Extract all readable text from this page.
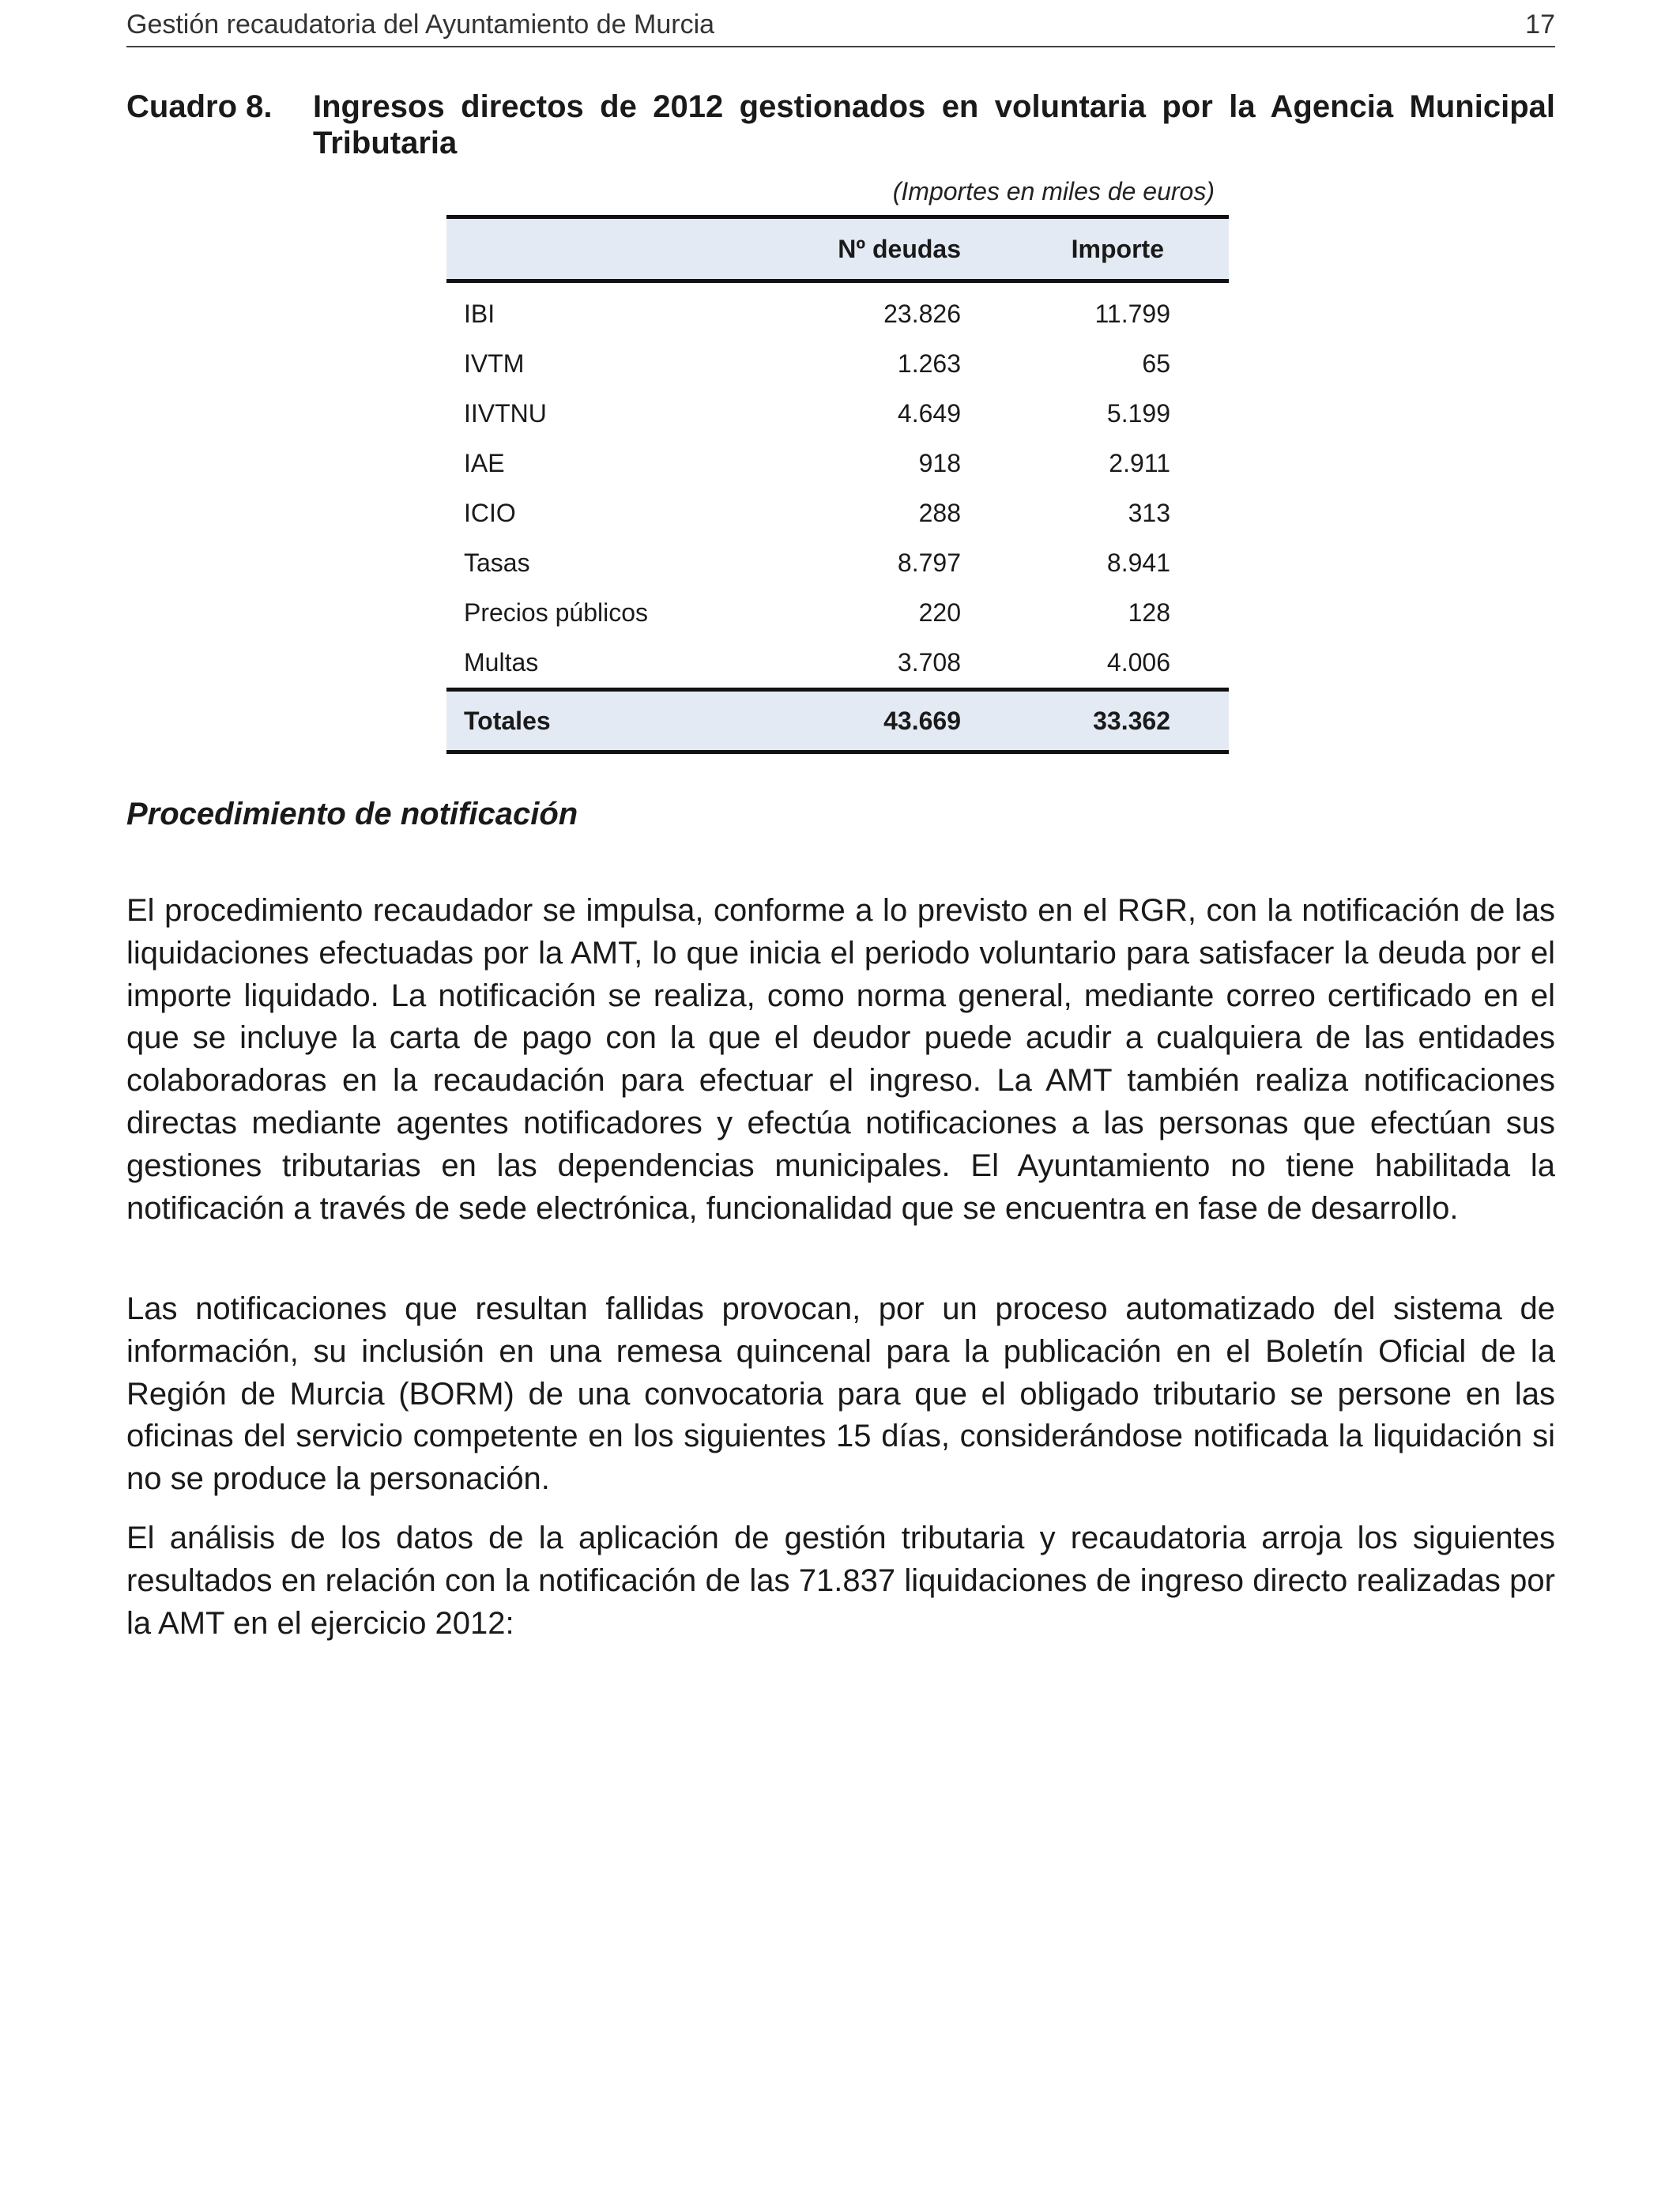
Gestión recaudatoria del Ayuntamiento de Murcia	17
Cuadro 8. Ingresos directos de 2012 gestionados en voluntaria por la Agencia Municipal Tributaria
(Importes en miles de euros)
	Nº deudas	Importe
IBI	23.826	11.799
IVTM	1.263	65
IIVTNU	4.649	5.199
IAE	918	2.911
ICIO	288	313
Tasas	8.797	8.941
Precios públicos	220	128
Multas	3.708	4.006
Totales	43.669	33.362
Procedimiento de notificación

El procedimiento recaudador se impulsa, conforme a lo previsto en el RGR, con la notificación de las liquidaciones efectuadas por la AMT, lo que inicia el periodo voluntario para satisfacer la deuda por el importe liquidado. La notificación se realiza, como norma general, mediante correo certificado en el que se incluye la carta de pago con la que el deudor puede acudir a cualquiera de las entidades colaboradoras en la recaudación para efectuar el ingreso. La AMT también realiza notificaciones directas mediante agentes notificadores y efectúa notificaciones a las personas que efectúan sus gestiones tributarias en las dependencias municipales. El Ayuntamiento no tiene habilitada la notificación a través de sede electrónica, funcionalidad que se encuentra en fase de desarrollo.

Las notificaciones que resultan fallidas provocan, por un proceso automatizado del sistema de información, su inclusión en una remesa quincenal para la publicación en el Boletín Oficial de la Región de Murcia (BORM) de una convocatoria para que el obligado tributario se persone en las oficinas del servicio competente en los siguientes 15 días, considerándose notificada la liquidación si no se produce la personación.

El análisis de los datos de la aplicación de gestión tributaria y recaudatoria arroja los siguientes resultados en relación con la notificación de las 71.837 liquidaciones de ingreso directo realizadas por la AMT en el ejercicio 2012:
